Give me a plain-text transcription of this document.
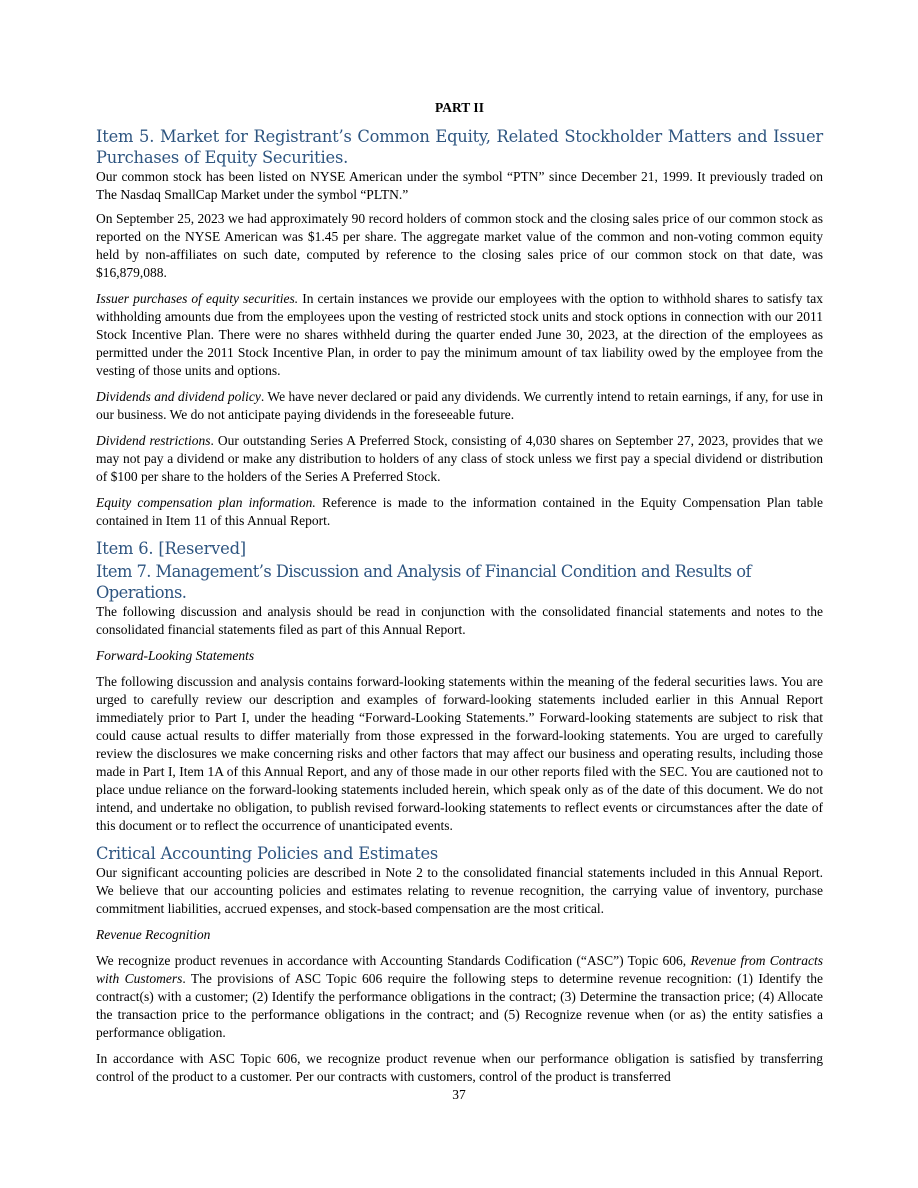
PART II
Item 5. Market for Registrant’s Common Equity, Related Stockholder Matters and Issuer Purchases of Equity Securities.

Our common stock has been listed on NYSE American under the symbol “PTN” since December 21, 1999. It previously traded on The Nasdaq SmallCap Market under the symbol “PLTN.”

On September 25, 2023 we had approximately 90 record holders of common stock and the closing sales price of our common stock as reported on the NYSE American was $1.45 per share. The aggregate market value of the common and non-voting common equity held by non-affiliates on such date, computed by reference to the closing sales price of our common stock on that date, was $16,879,088.

Issuer purchases of equity securities. In certain instances we provide our employees with the option to withhold shares to satisfy tax withholding amounts due from the employees upon the vesting of restricted stock units and stock options in connection with our 2011 Stock Incentive Plan. There were no shares withheld during the quarter ended June 30, 2023, at the direction of the employees as permitted under the 2011 Stock Incentive Plan, in order to pay the minimum amount of tax liability owed by the employee from the vesting of those units and options.

Dividends and dividend policy. We have never declared or paid any dividends. We currently intend to retain earnings, if any, for use in our business. We do not anticipate paying dividends in the foreseeable future.

Dividend restrictions. Our outstanding Series A Preferred Stock, consisting of 4,030 shares on September 27, 2023, provides that we may not pay a dividend or make any distribution to holders of any class of stock unless we first pay a special dividend or distribution of $100 per share to the holders of the Series A Preferred Stock.

Equity compensation plan information. Reference is made to the information contained in the Equity Compensation Plan table contained in Item 11 of this Annual Report.

Item 6. [Reserved]
Item 7. Management’s Discussion and Analysis of Financial Condition and Results of Operations.

The following discussion and analysis should be read in conjunction with the consolidated financial statements and notes to the consolidated financial statements filed as part of this Annual Report.

Forward-Looking Statements

The following discussion and analysis contains forward-looking statements within the meaning of the federal securities laws. You are urged to carefully review our description and examples of forward-looking statements included earlier in this Annual Report immediately prior to Part I, under the heading “Forward-Looking Statements.” Forward-looking statements are subject to risk that could cause actual results to differ materially from those expressed in the forward-looking statements. You are urged to carefully review the disclosures we make concerning risks and other factors that may affect our business and operating results, including those made in Part I, Item 1A of this Annual Report, and any of those made in our other reports filed with the SEC. You are cautioned not to place undue reliance on the forward-looking statements included herein, which speak only as of the date of this document. We do not intend, and undertake no obligation, to publish revised forward-looking statements to reflect events or circumstances after the date of this document or to reflect the occurrence of unanticipated events.

Critical Accounting Policies and Estimates

Our significant accounting policies are described in Note 2 to the consolidated financial statements included in this Annual Report. We believe that our accounting policies and estimates relating to revenue recognition, the carrying value of inventory, purchase commitment liabilities, accrued expenses, and stock-based compensation are the most critical.

Revenue Recognition

We recognize product revenues in accordance with Accounting Standards Codification (“ASC”) Topic 606, Revenue from Contracts with Customers. The provisions of ASC Topic 606 require the following steps to determine revenue recognition: (1) Identify the contract(s) with a customer; (2) Identify the performance obligations in the contract; (3) Determine the transaction price; (4) Allocate the transaction price to the performance obligations in the contract; and (5) Recognize revenue when (or as) the entity satisfies a performance obligation.

In accordance with ASC Topic 606, we recognize product revenue when our performance obligation is satisfied by transferring control of the product to a customer. Per our contracts with customers, control of the product is transferred

37
